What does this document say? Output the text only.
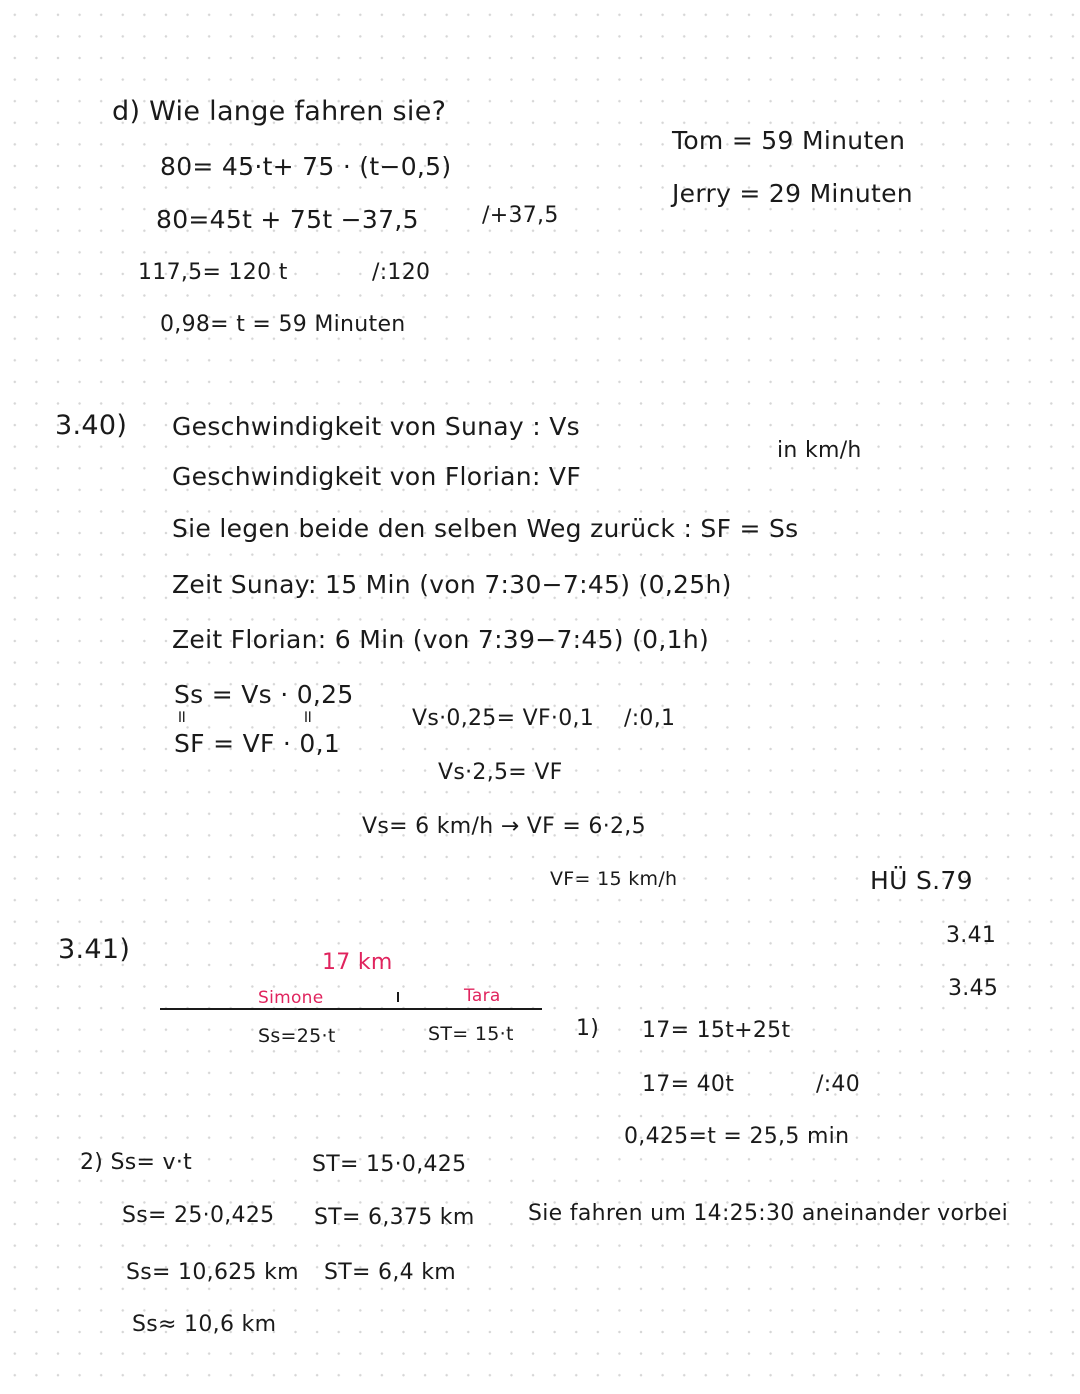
d) Wie lange fahren sie?
80= 45·t+ 75 · (t−0,5)
80=45t + 75t −37,5	/+37,5
117,5= 120 t	/:120
0,98= t = 59 Minuten
Tom = 59 Minuten
Jerry = 29 Minuten
3.40) Geschwindigkeit von Sunay : Vs
in km/h
Geschwindigkeit von Florian: VF
Sie legen beide den selben Weg zurück : SF = Ss
Zeit Sunay: 15 Min (von 7:30−7:45) (0,25h)
Zeit Florian: 6 Min (von 7:39−7:45) (0,1h)
Ss = Vs · 0,25
॥	॥
SF = VF · 0,1
Vs·0,25= VF·0,1 /:0,1
Vs·2,5= VF
Vs= 6 km/h → VF = 6·2,5
VF= 15 km/h	HÜ S.79
3.41
3.45
3.41)	17 km
Simone	Tara
Ss=25·t	ST= 15·t	1) 17= 15t+25t
17= 40t	/:40
0,425=t = 25,5 min
Sie fahren um 14:25:30 aneinander vorbei
2) Ss= v·t	ST= 15·0,425
Ss= 25·0,425 ST= 6,375 km
Ss= 10,625 km ST= 6,4 km
Ss≈ 10,6 km
